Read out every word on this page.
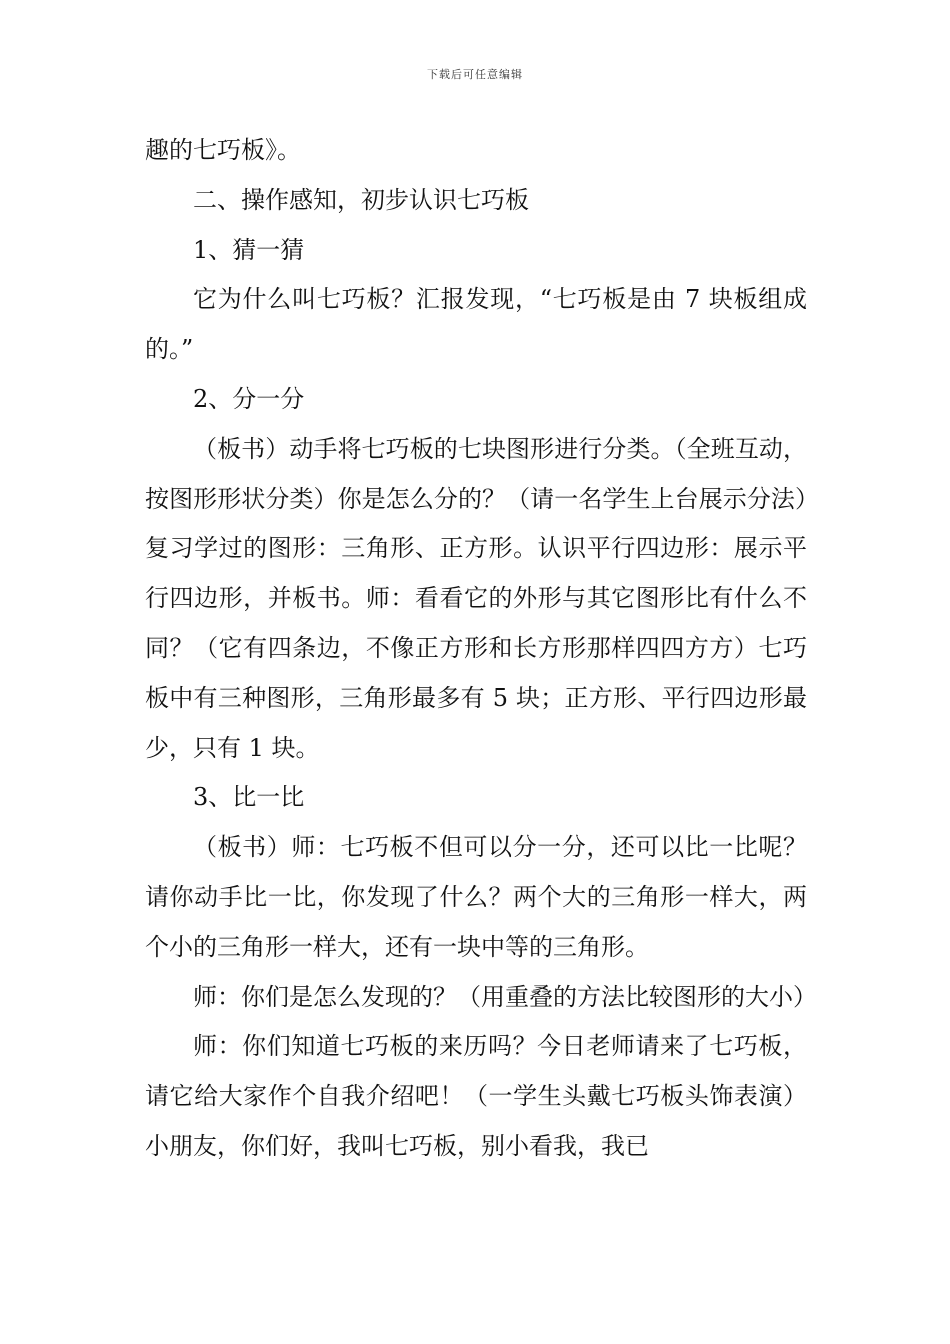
下载后可任意编辑

趣的七巧板》。

二、操作感知，初步认识七巧板

1、猜一猜

它为什么叫七巧板？汇报发现，“七巧板是由 7 块板组成的。”

2、分一分

（板书）动手将七巧板的七块图形进行分类。（全班互动，按图形形状分类）你是怎么分的？（请一名学生上台展示分法）复习学过的图形：三角形、正方形。认识平行四边形：展示平行四边形，并板书。师：看看它的外形与其它图形比有什么不同？（它有四条边，不像正方形和长方形那样四四方方）七巧板中有三种图形，三角形最多有 5 块；正方形、平行四边形最少，只有 1 块。

3、比一比

（板书）师：七巧板不但可以分一分，还可以比一比呢？请你动手比一比，你发现了什么？两个大的三角形一样大，两个小的三角形一样大，还有一块中等的三角形。

师：你们是怎么发现的？（用重叠的方法比较图形的大小）

师：你们知道七巧板的来历吗？今日老师请来了七巧板，请它给大家作个自我介绍吧！（一学生头戴七巧板头饰表演）小朋友，你们好，我叫七巧板，别小看我，我已
